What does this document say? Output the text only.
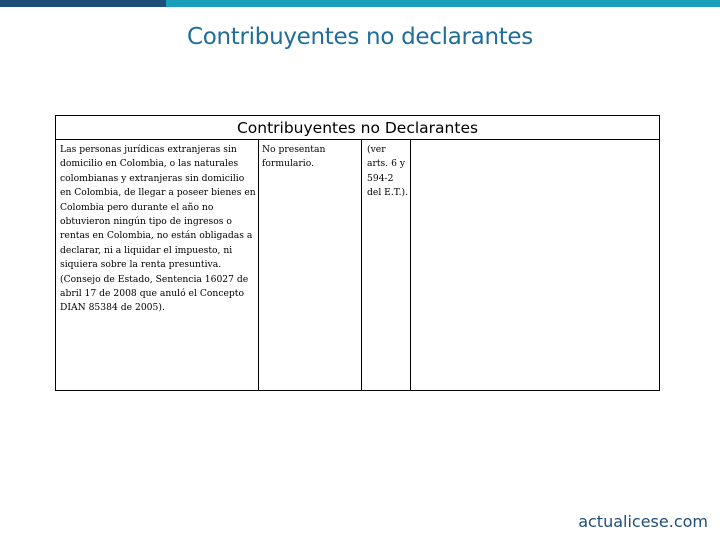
Contribuyentes no declarantes
Contribuyentes no Declarantes
Las personas jurídicas extranjeras sin
domicilio en Colombia, o las naturales
colombianas y extranjeras sin domicilio
en Colombia, de llegar a poseer bienes en
Colombia pero durante el año no
obtuvieron ningún tipo de ingresos o
rentas en Colombia, no están obligadas a
declarar, ni a liquidar el impuesto, ni
siquiera sobre la renta presuntiva.
(Consejo de Estado, Sentencia 16027 de
abril 17 de 2008 que anuló el Concepto
DIAN 85384 de 2005).
No presentan
formulario.
(ver
arts. 6 y
594-2
del E.T.).
actualicese.com
